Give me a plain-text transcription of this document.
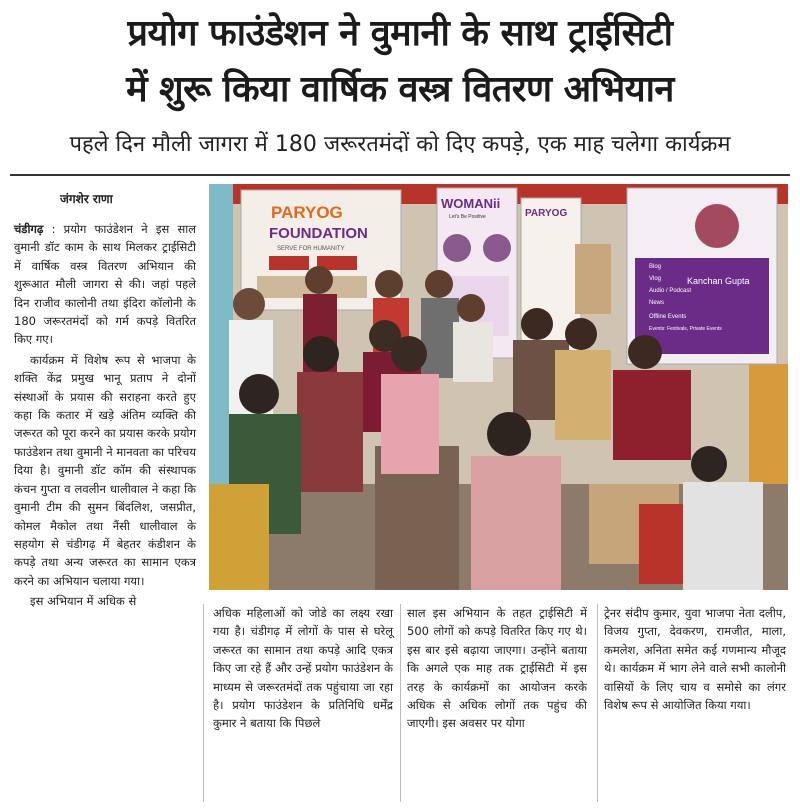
प्रयोग फाउंडेशन ने वुमानी के साथ ट्राईसिटी
में शुरू किया वार्षिक वस्त्र वितरण अभियान
पहले दिन मौली जागरा में 180 जरूरतमंदों को दिए कपड़े, एक माह चलेगा कार्यक्रम
जंगशेर राणा

चंडीगढ़ : प्रयोग फाउंडेशन ने इस साल वुमानी डॉट काम के साथ मिलकर ट्राईसिटी में वार्षिक वस्त्र वितरण अभियान की शुरूआत मौली जागरा से की। जहां पहले दिन राजीव कालोनी तथा इंदिरा कॉलोनी के 180 जरूरतमंदों को गर्म कपड़े वितरित किए गए।

कार्यक्रम में विशेष रूप से भाजपा के शक्ति केंद्र प्रमुख भानू प्रताप ने दोनों संस्थाओं के प्रयास की सराहना करते हुए कहा कि कतार में खड़े अंतिम व्यक्ति की जरूरत को पूरा करने का प्रयास करके प्रयोग फाउंडेशन तथा वुमानी ने मानवता का परिचय दिया है। वुमानी डॉट कॉम की संस्थापक कंचन गुप्ता व लवलीन धालीवाल ने कहा कि वुमानी टीम की सुमन बिंदलिश, जसप्रीत, कोमल मैकोल तथा नैंसी धालीवाल के सहयोग से चंडीगढ़ में बेहतर कंडीशन के कपड़े तथा अन्य जरूरत का सामान एकत्र करने का अभियान चलाया गया।

इस अभियान में अधिक से

PARYOG
FOUNDATION
SERVE FOR HUMANITY
WOMANii
Let's Be Positive	PARYOG
Kanchan Gupta
Blog
Vlog
Audio / Podcast
News
Offline Events
Events: Festivals, Private Events

अधिक महिलाओं को जोडे का लक्ष्य रखा गया है। चंडीगढ़ में लोगों के पास से घरेलू जरूरत का सामान तथा कपड़े आदि एकत्र किए जा रहे हैं और उन्हें प्रयोग फाउंडेशन के माध्यम से जरूरतमंदों तक पहुंचाया जा रहा है। प्रयोग फाउंडेशन के प्रतिनिधि धर्मेंद्र कुमार ने बताया कि पिछले

साल इस अभियान के तहत ट्राईसिटी में 500 लोगों को कपड़े वितरित किए गए थे। इस बार इसे बढ़ाया जाएगा। उन्होंने बताया कि अगले एक माह तक ट्राईसिटी में इस तरह के कार्यक्रमों का आयोजन करके अधिक से अधिक लोगों तक पहुंच की जाएगी। इस अवसर पर योगा

ट्रेनर संदीप कुमार, युवा भाजपा नेता दलीप, विजय गुप्ता, देवकरण, रामजीत, माला, कमलेश, अनिता समेत कई गणमान्य मौजूद थे। कार्यक्रम में भाग लेने वाले सभी कालोनी वासियों के लिए चाय व समोसे का लंगर विशेष रूप से आयोजित किया गया।
